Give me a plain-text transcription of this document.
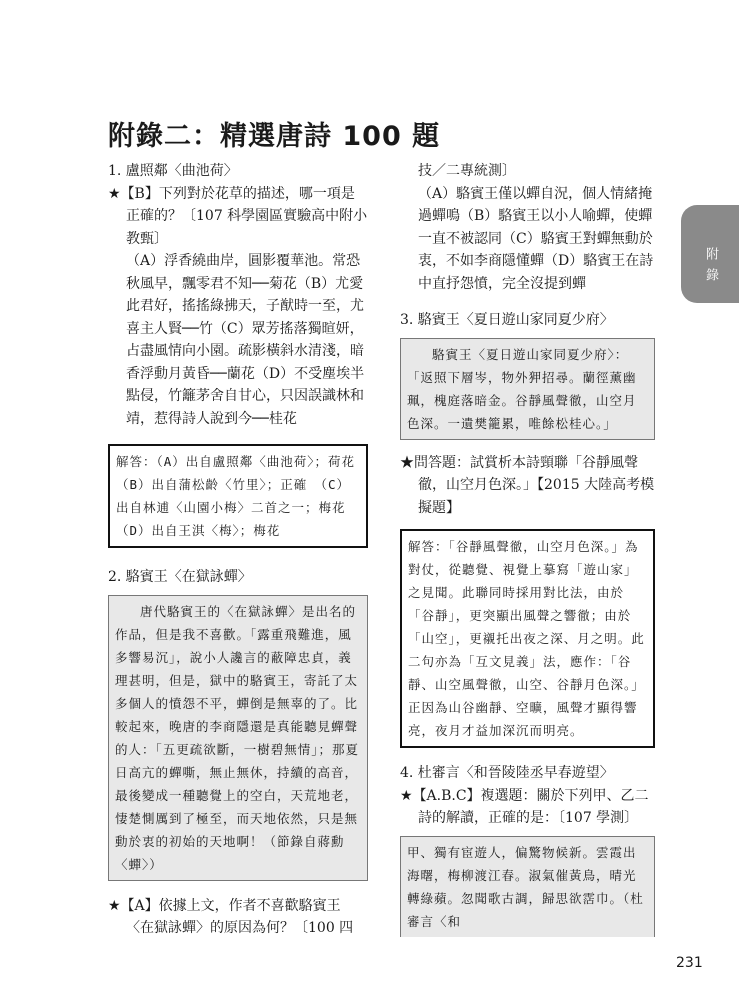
附錄二：精選唐詩 100 題
附錄
231

1. 盧照鄰〈曲池荷〉

★【B】下列對於花草的描述，哪一項是正確的？〔107 科學園區實驗高中附小教甄〕

（A）浮香繞曲岸，圓影覆華池。常恐秋風早，飄零君不知──菊花（B）尤愛此君好，搖搖綠拂天，子猷時一至，尤喜主人賢──竹（C）眾芳搖落獨暄妍，占盡風情向小園。疏影橫斜水清淺，暗香浮動月黃昏──蘭花（D）不受塵埃半點侵，竹籬茅舍自甘心，只因誤識林和靖，惹得詩人說到今──桂花

解答：（A）出自盧照鄰〈曲池荷〉；荷花　（B）出自蒲松齡〈竹里〉；正確　（C）出自林逋〈山園小梅〉二首之一；梅花　（D）出自王淇〈梅〉；梅花

2. 駱賓王〈在獄詠蟬〉

唐代駱賓王的〈在獄詠蟬〉是出名的作品，但是我不喜歡。「露重飛難進，風多響易沉」，說小人讒言的蔽障忠貞，義理甚明，但是，獄中的駱賓王，寄託了太多個人的憤怨不平，蟬倒是無辜的了。比較起來，晚唐的李商隱還是真能聽見蟬聲的人：「五更疏欲斷，一樹碧無情」；那夏日高亢的蟬嘶，無止無休，持續的高音，最後變成一種聽覺上的空白，天荒地老，悽楚惻厲到了極至，而天地依然，只是無動於衷的初始的天地啊！（節錄自蔣勳〈蟬〉）

★【A】依據上文，作者不喜歡駱賓王〈在獄詠蟬〉的原因為何？〔100 四

技／二專統測〕

（A）駱賓王僅以蟬自況，個人情緒掩過蟬鳴（B）駱賓王以小人喻蟬，使蟬一直不被認同（C）駱賓王對蟬無動於衷，不如李商隱懂蟬（D）駱賓王在詩中直抒怨憤，完全沒提到蟬

3. 駱賓王〈夏日遊山家同夏少府〉

駱賓王〈夏日遊山家同夏少府〉：「返照下層岑，物外狎招尋。蘭徑薰幽珮，槐庭落暗金。谷靜風聲徹，山空月色深。一遺樊籠累，唯餘松桂心。」

★問答題：試賞析本詩頸聯「谷靜風聲徹，山空月色深。」【2015 大陸高考模擬題】

解答：「谷靜風聲徹，山空月色深。」為對仗，從聽覺、視覺上摹寫「遊山家」之見聞。此聯同時採用對比法，由於「谷靜」，更突顯出風聲之響徹；由於「山空」，更襯托出夜之深、月之明。此二句亦為「互文見義」法，應作：「谷靜、山空風聲徹，山空、谷靜月色深。」正因為山谷幽靜、空曠，風聲才顯得響亮，夜月才益加深沉而明亮。

4. 杜審言〈和晉陵陸丞早春遊望〉

★【A.B.C】複選題：關於下列甲、乙二詩的解讀，正確的是：〔107 學測〕

甲、獨有宦遊人，偏驚物候新。雲霞出海曙，梅柳渡江春。淑氣催黃鳥，晴光轉綠蘋。忽聞歌古調，歸思欲霑巾。（杜審言〈和
